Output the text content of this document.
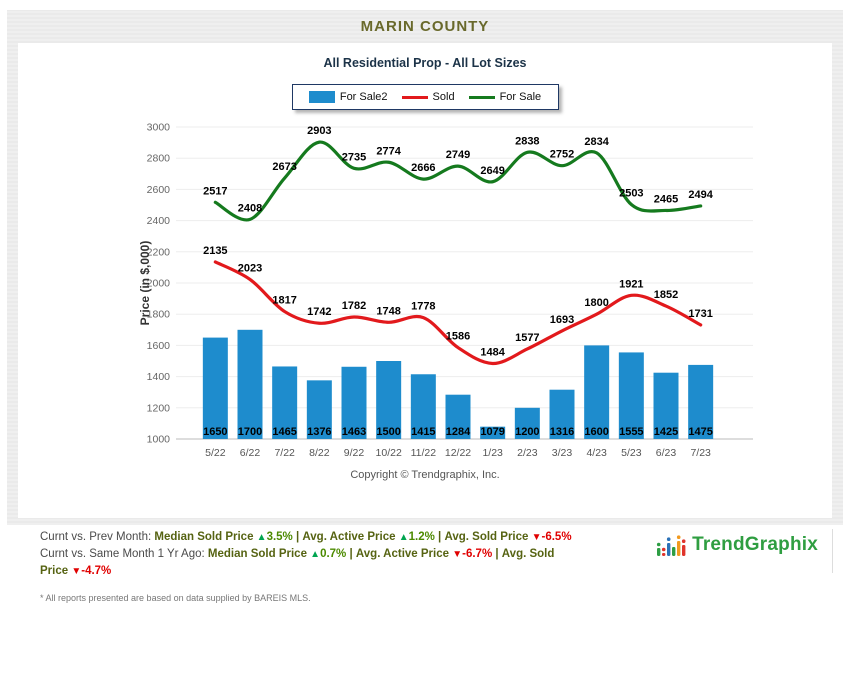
MARIN COUNTY
All Residential Prop - All Lot Sizes
For Sale2	Sold	For Sale
1000
1200
1400
1600
1800
2000
2200
2400
2600
2800
3000
Price (in $,000)	2135
2023
1817
1742
1782 1748 1778
1586
1484
1577
1693
1800
1921
1852
1731
2517
2408
2673
2903
2735
2774
2666
2749
2649
2838
2752
2834
2503 2465 2494
1650 1700 1465 1376 1463 1500 1415 1284 1079 1200 1316 1600 1555 1425 1475
5/22 6/22 7/22 8/22 9/22 10/22 11/22 12/22 1/23 2/23 3/23 4/23 5/23 6/23 7/23
Copyright © Trendgraphix, Inc.
Curnt vs. Prev Month: Median Sold Price ▲3.5% | Avg. Active Price ▲1.2% | Avg. Sold Price ▼-6.5%
Curnt vs. Same Month 1 Yr Ago: Median Sold Price ▲0.7% | Avg. Active Price ▼-6.7% | Avg. Sold Price ▼-4.7%
TrendGraphix
* All reports presented are based on data supplied by BAREIS MLS.
